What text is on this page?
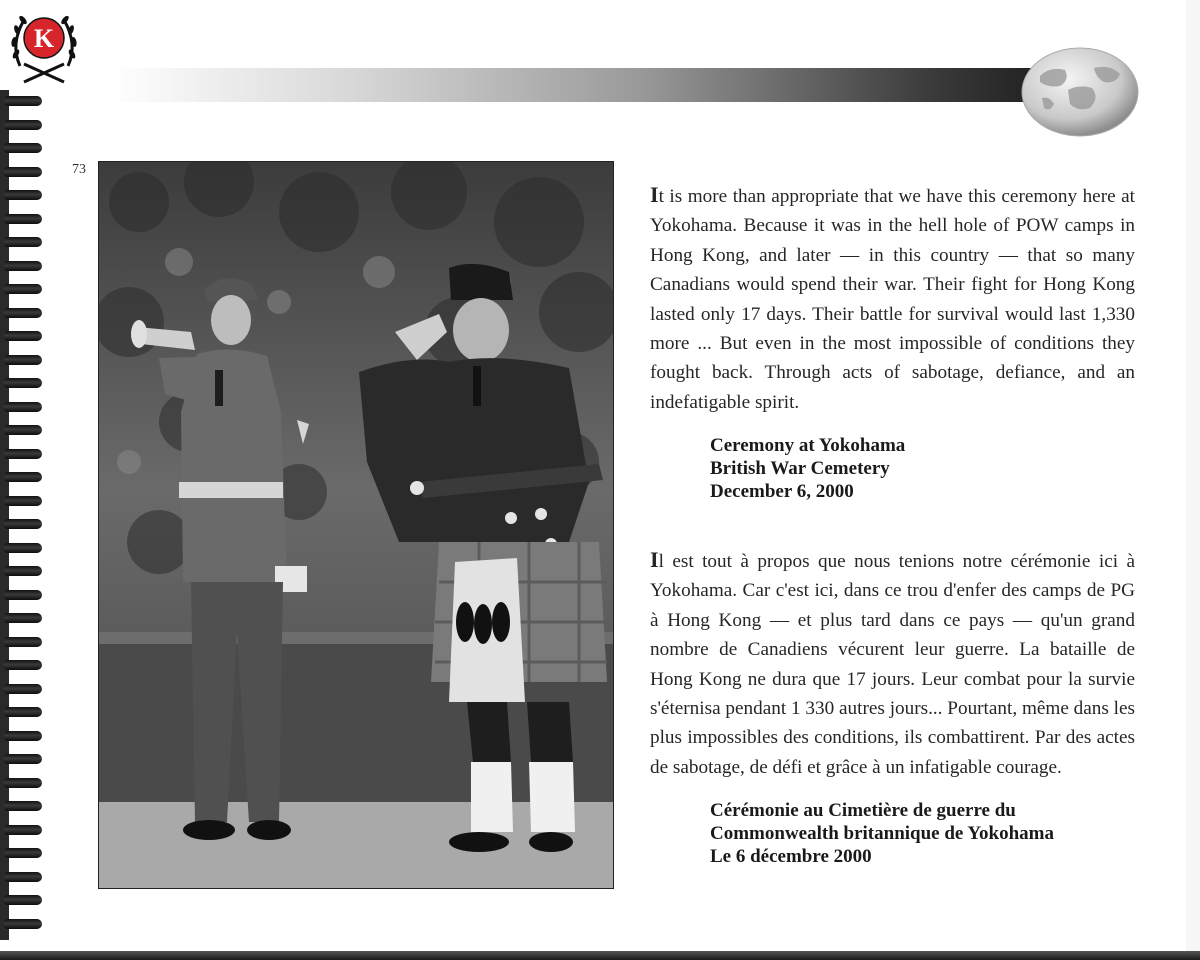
K
73
It is more than appropriate that we have this ceremony here at Yokohama. Because it was in the hell hole of POW camps in Hong Kong, and later — in this country — that so many Canadians would spend their war. Their fight for Hong Kong lasted only 17 days. Their battle for survival would last 1,330 more ... But even in the most impossible of conditions they fought back. Through acts of sabotage, defiance, and an indefatigable spirit.
Ceremony at Yokohama
British War Cemetery
December 6, 2000
Il est tout à propos que nous tenions notre cérémonie ici à Yokohama. Car c'est ici, dans ce trou d'enfer des camps de PG à Hong Kong — et plus tard dans ce pays — qu'un grand nombre de Canadiens vécurent leur guerre. La bataille de Hong Kong ne dura que 17 jours. Leur combat pour la survie s'éternisa pendant 1 330 autres jours... Pourtant, même dans les plus impossibles des conditions, ils combattirent. Par des actes de sabotage, de défi et grâce à un infatigable courage.
Cérémonie au Cimetière de guerre du
Commonwealth britannique de Yokohama
Le 6 décembre 2000
